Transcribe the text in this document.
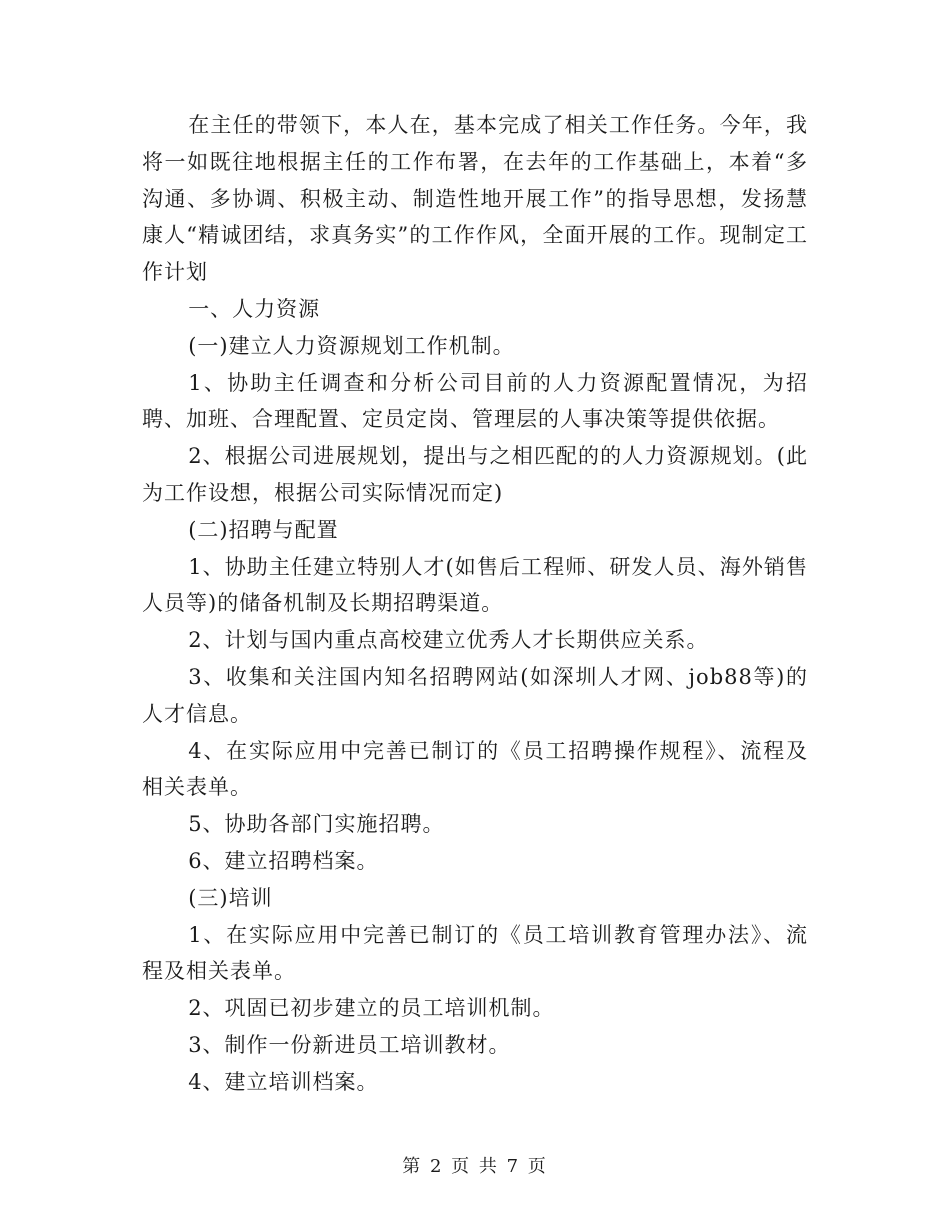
在主任的带领下，本人在，基本完成了相关工作任务。今年，我将一如既往地根据主任的工作布署，在去年的工作基础上，本着“多沟通、多协调、积极主动、制造性地开展工作”的指导思想，发扬慧康人“精诚团结，求真务实”的工作作风，全面开展的工作。现制定工作计划

一、人力资源

(一)建立人力资源规划工作机制。

1、协助主任调查和分析公司目前的人力资源配置情况，为招聘、加班、合理配置、定员定岗、管理层的人事决策等提供依据。

2、根据公司进展规划，提出与之相匹配的的人力资源规划。(此为工作设想，根据公司实际情况而定)

(二)招聘与配置

1、协助主任建立特别人才(如售后工程师、研发人员、海外销售人员等)的储备机制及长期招聘渠道。

2、计划与国内重点高校建立优秀人才长期供应关系。

3、收集和关注国内知名招聘网站(如深圳人才网、job88等)的人才信息。

4、在实际应用中完善已制订的《员工招聘操作规程》、流程及相关表单。

5、协助各部门实施招聘。

6、建立招聘档案。

(三)培训

1、在实际应用中完善已制订的《员工培训教育管理办法》、流程及相关表单。

2、巩固已初步建立的员工培训机制。

3、制作一份新进员工培训教材。

4、建立培训档案。

第 2 页 共 7 页
